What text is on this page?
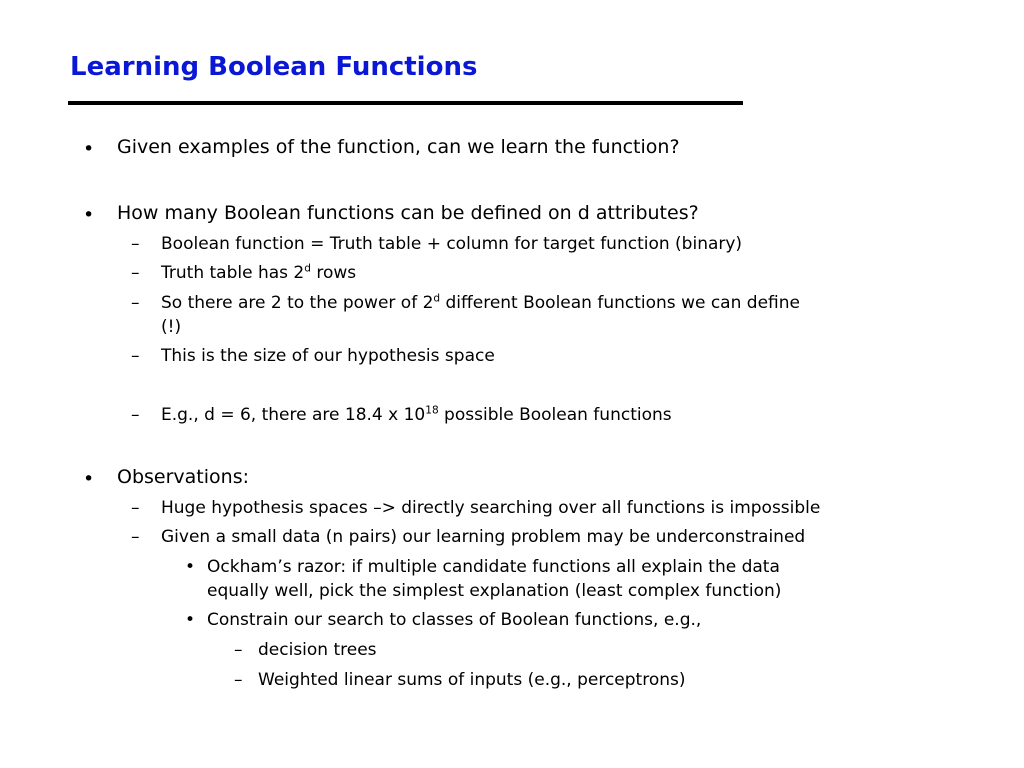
Learning Boolean Functions
• Given examples of the function, can we learn the function?
• How many Boolean functions can be defined on d attributes?
– Boolean function = Truth table + column for target function (binary)
– Truth table has 2$^d$ rows
– So there are 2 to the power of 2$^d$ different Boolean functions we can define
(!)
– This is the size of our hypothesis space
– E.g., d = 6, there are 18.4 x $10^{18}$ possible Boolean functions
• Observations:
– Huge hypothesis spaces –> directly searching over all functions is impossible
– Given a small data (n pairs) our learning problem may be underconstrained
• Ockham’s razor: if multiple candidate functions all explain the data
equally well, pick the simplest explanation (least complex function)
• Constrain our search to classes of Boolean functions, e.g.,
– decision trees
– Weighted linear sums of inputs (e.g., perceptrons)
